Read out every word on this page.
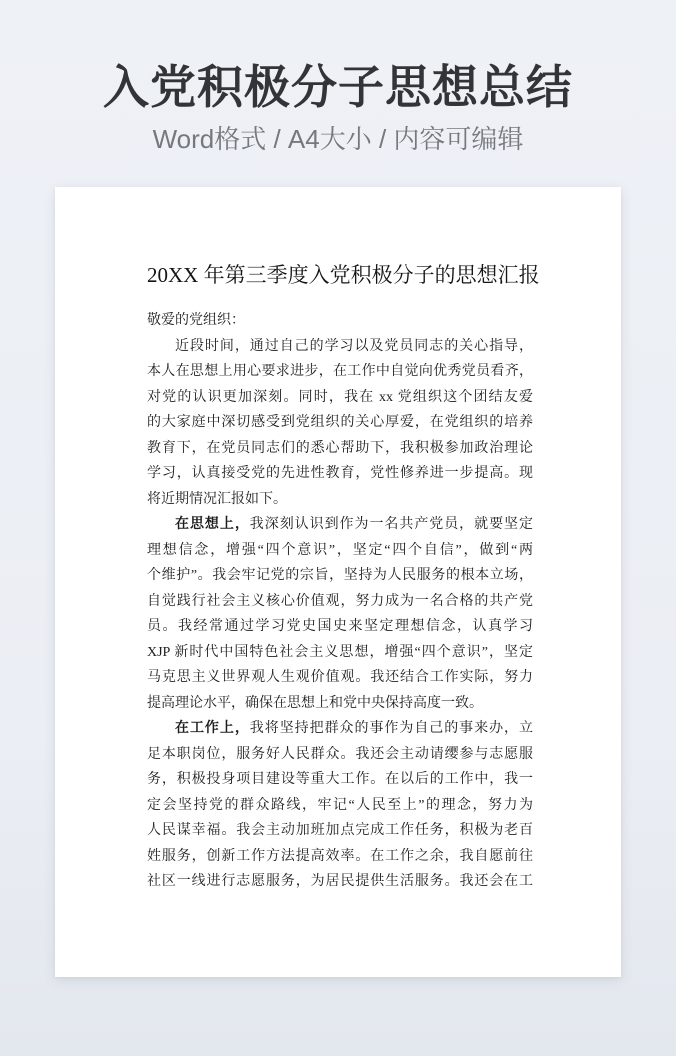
入党积极分子思想总结
Word格式 / A4大小 / 内容可编辑
20XX 年第三季度入党积极分子的思想汇报
敬爱的党组织：
近段时间，通过自己的学习以及党员同志的关心指导，
本人在思想上用心要求进步，在工作中自觉向优秀党员看齐，
对党的认识更加深刻。同时，我在 xx 党组织这个团结友爱
的大家庭中深切感受到党组织的关心厚爱，在党组织的培养
教育下，在党员同志们的悉心帮助下，我积极参加政治理论
学习，认真接受党的先进性教育，党性修养进一步提高。现
将近期情况汇报如下。
在思想上，我深刻认识到作为一名共产党员，就要坚定
理想信念，增强“四个意识”，坚定“四个自信”，做到“两
个维护”。我会牢记党的宗旨，坚持为人民服务的根本立场，
自觉践行社会主义核心价值观，努力成为一名合格的共产党
员。我经常通过学习党史国史来坚定理想信念，认真学习
XJP 新时代中国特色社会主义思想，增强“四个意识”，坚定
马克思主义世界观人生观价值观。我还结合工作实际，努力
提高理论水平，确保在思想上和党中央保持高度一致。
在工作上，我将坚持把群众的事作为自己的事来办，立
足本职岗位，服务好人民群众。我还会主动请缨参与志愿服
务，积极投身项目建设等重大工作。在以后的工作中，我一
定会坚持党的群众路线，牢记“人民至上”的理念，努力为
人民谋幸福。我会主动加班加点完成工作任务，积极为老百
姓服务，创新工作方法提高效率。在工作之余，我自愿前往
社区一线进行志愿服务，为居民提供生活服务。我还会在工
